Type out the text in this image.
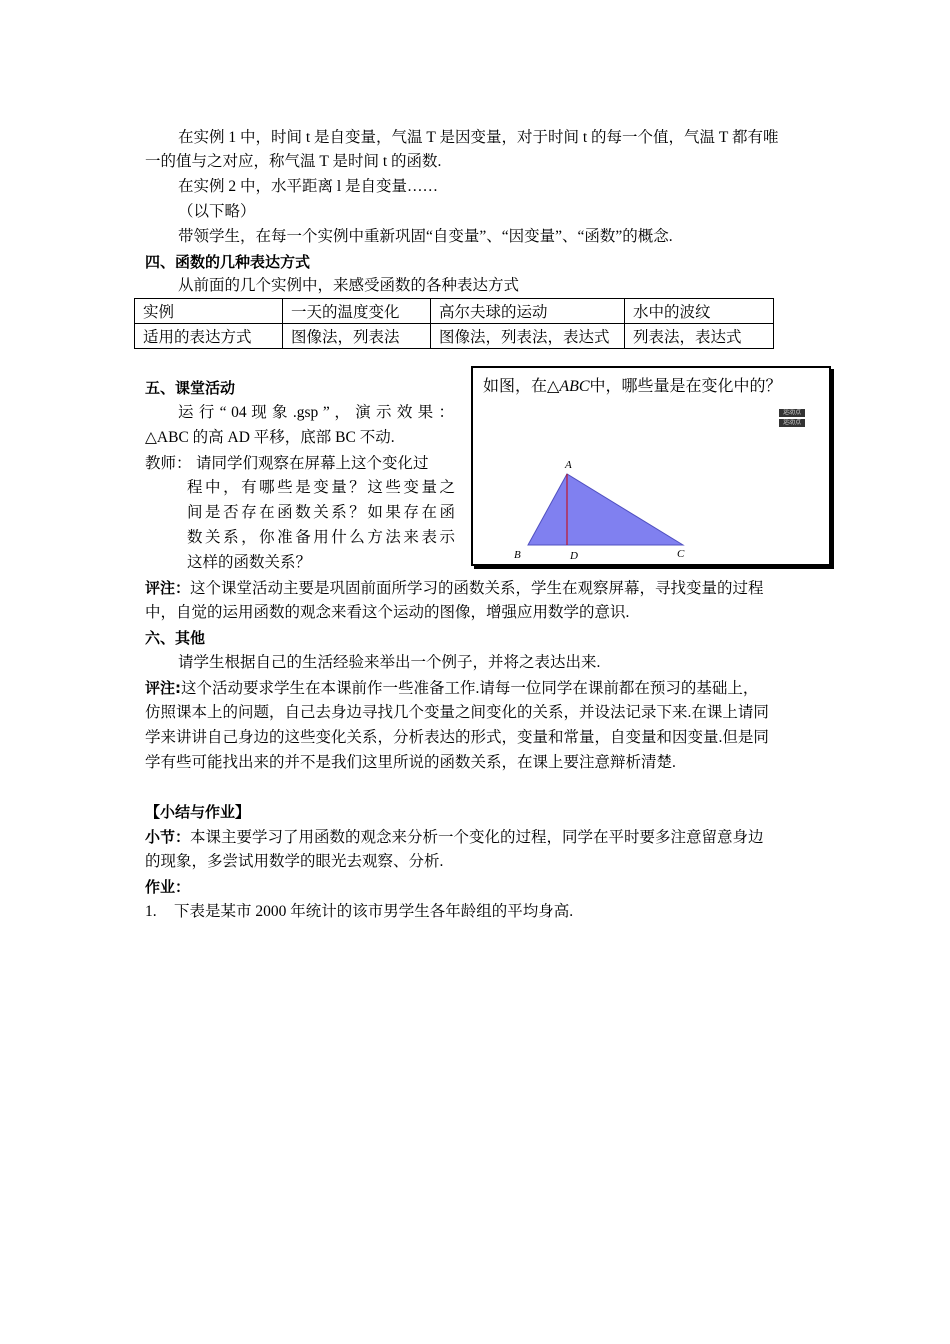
在实例 1 中，时间 t 是自变量，气温 T 是因变量，对于时间 t 的每一个值，气温 T 都有唯
一的值与之对应，称气温 T 是时间 t 的函数.
在实例 2 中，水平距离 l 是自变量……
（以下略）
带领学生，在每一个实例中重新巩固“自变量”、“因变量”、“函数”的概念.
四、函数的几种表达方式
从前面的几个实例中，来感受函数的各种表达方式
实例	一天的温度变化	高尔夫球的运动	水中的波纹
适用的表达方式	图像法，列表法	图像法，列表法，表达式	列表法，表达式
五、课堂活动
运 行 “ 04 现 象 .gsp ” ， 演 示 效 果 ：
△ABC 的高 AD 平移，底部 BC 不动.
教师： 请同学们观察在屏幕上这个变化过
程中，有哪些是变量？这些变量之
间是否存在函数关系？如果存在函
数关系，你准备用什么方法来表示
这样的函数关系？
如图，在△ABC中，哪些量是在变化中的？
运动点
运动点
A
B	D	C
评注：这个课堂活动主要是巩固前面所学习的函数关系，学生在观察屏幕，寻找变量的过程
中，自觉的运用函数的观念来看这个运动的图像，增强应用数学的意识.
六、其他
请学生根据自己的生活经验来举出一个例子，并将之表达出来.
评注:这个活动要求学生在本课前作一些准备工作.请每一位同学在课前都在预习的基础上，
仿照课本上的问题，自己去身边寻找几个变量之间变化的关系，并设法记录下来.在课上请同
学来讲讲自己身边的这些变化关系，分析表达的形式，变量和常量，自变量和因变量.但是同
学有些可能找出来的并不是我们这里所说的函数关系，在课上要注意辩析清楚.
【小结与作业】
小节：本课主要学习了用函数的观念来分析一个变化的过程，同学在平时要多注意留意身边
的现象，多尝试用数学的眼光去观察、分析.
作业：
1. 下表是某市 2000 年统计的该市男学生各年龄组的平均身高.
